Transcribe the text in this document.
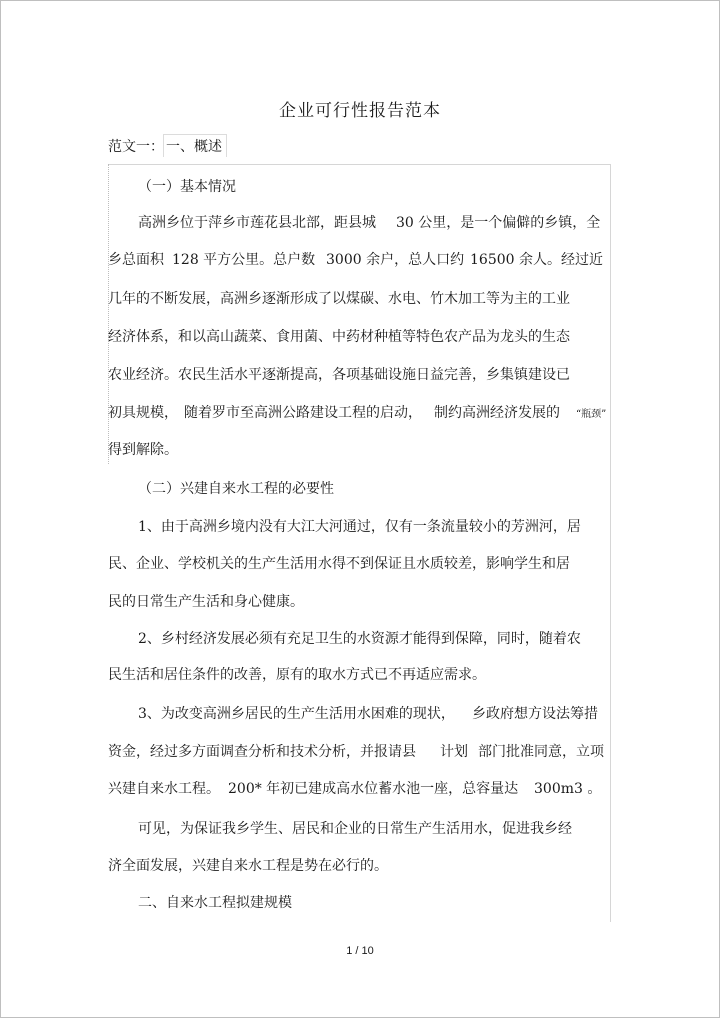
企业可行性报告范本
范文一： 一、概述
（一）基本情况
高洲乡位于萍乡市莲花县北部，距县城 30 公里，是一个偏僻的乡镇，全
乡总面积 128 平方公里。总户数 3000 余户，总人口约 16500 余人。经过近
几年的不断发展，高洲乡逐渐形成了以煤碳、水电、竹木加工等为主的工业
经济体系，和以高山蔬菜、食用菌、中药材种植等特色农产品为龙头的生态
农业经济。农民生活水平逐渐提高，各项基础设施日益完善，乡集镇建设已
初具规模， 随着罗市至高洲公路建设工程的启动， 制约高洲经济发展的 “瓶颈”
得到解除。
（二）兴建自来水工程的必要性
1、由于高洲乡境内没有大江大河通过，仅有一条流量较小的芳洲河，居
民、企业、学校机关的生产生活用水得不到保证且水质较差，影响学生和居
民的日常生产生活和身心健康。
2、乡村经济发展必须有充足卫生的水资源才能得到保障，同时，随着农
民生活和居住条件的改善，原有的取水方式已不再适应需求。
3、为改变高洲乡居民的生产生活用水困难的现状， 乡政府想方设法筹措
资金，经过多方面调查分析和技术分析，并报请县 计划 部门批准同意，立项
兴建自来水工程。 200* 年初已建成高水位蓄水池一座，总容量达 300m3 。
可见，为保证我乡学生、居民和企业的日常生产生活用水，促进我乡经
济全面发展，兴建自来水工程是势在必行的。
二、自来水工程拟建规模
1 / 10
